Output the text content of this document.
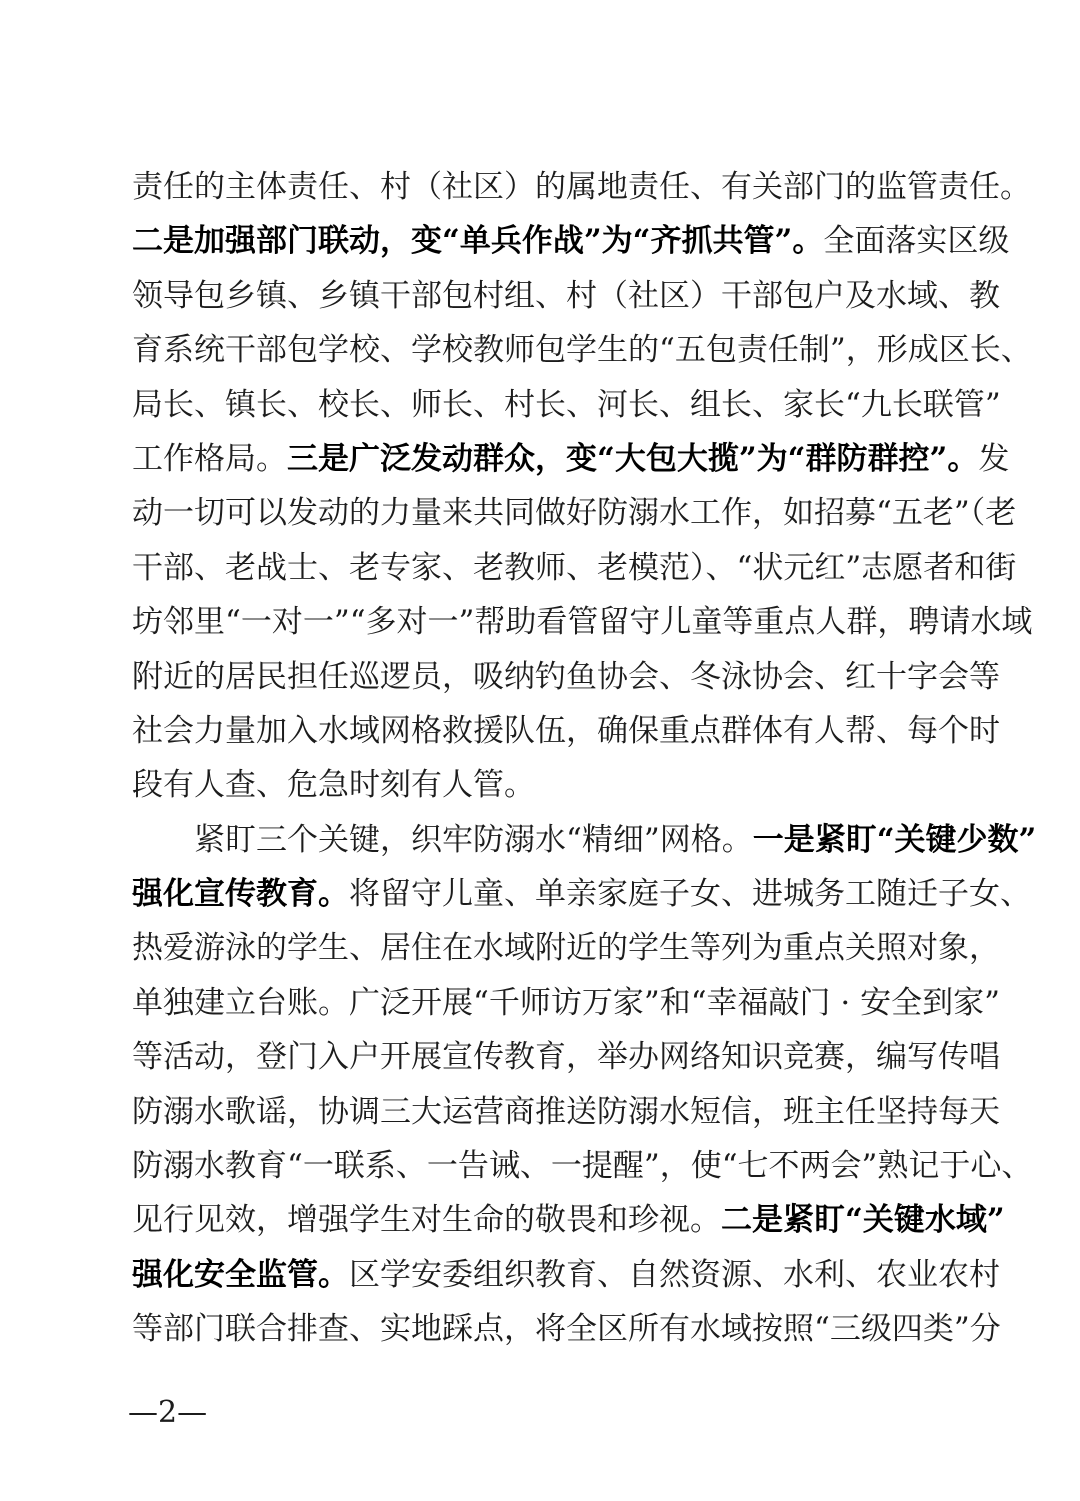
责任的主体责任、村（社区）的属地责任、有关部门的监管责任。
二是加强部门联动，变“单兵作战”为“齐抓共管”。全面落实区级
领导包乡镇、乡镇干部包村组、村（社区）干部包户及水域、教
育系统干部包学校、学校教师包学生的“五包责任制”，形成区长、
局长、镇长、校长、师长、村长、河长、组长、家长“九长联管”
工作格局。三是广泛发动群众，变“大包大揽”为“群防群控”。发
动一切可以发动的力量来共同做好防溺水工作，如招募“五老”（老
干部、老战士、老专家、老教师、老模范）、“状元红”志愿者和街
坊邻里“一对一”“多对一”帮助看管留守儿童等重点人群，聘请水域
附近的居民担任巡逻员，吸纳钓鱼协会、冬泳协会、红十字会等
社会力量加入水域网格救援队伍，确保重点群体有人帮、每个时
段有人查、危急时刻有人管。
紧盯三个关键，织牢防溺水“精细”网格。一是紧盯“关键少数”
强化宣传教育。将留守儿童、单亲家庭子女、进城务工随迁子女、
热爱游泳的学生、居住在水域附近的学生等列为重点关照对象，
单独建立台账。广泛开展“千师访万家”和“幸福敲门 · 安全到家”
等活动，登门入户开展宣传教育，举办网络知识竞赛，编写传唱
防溺水歌谣，协调三大运营商推送防溺水短信，班主任坚持每天
防溺水教育“一联系、一告诫、一提醒”，使“七不两会”熟记于心、
见行见效，增强学生对生命的敬畏和珍视。二是紧盯“关键水域”
强化安全监管。区学安委组织教育、自然资源、水利、农业农村
等部门联合排查、实地踩点，将全区所有水域按照“三级四类”分
—2—
